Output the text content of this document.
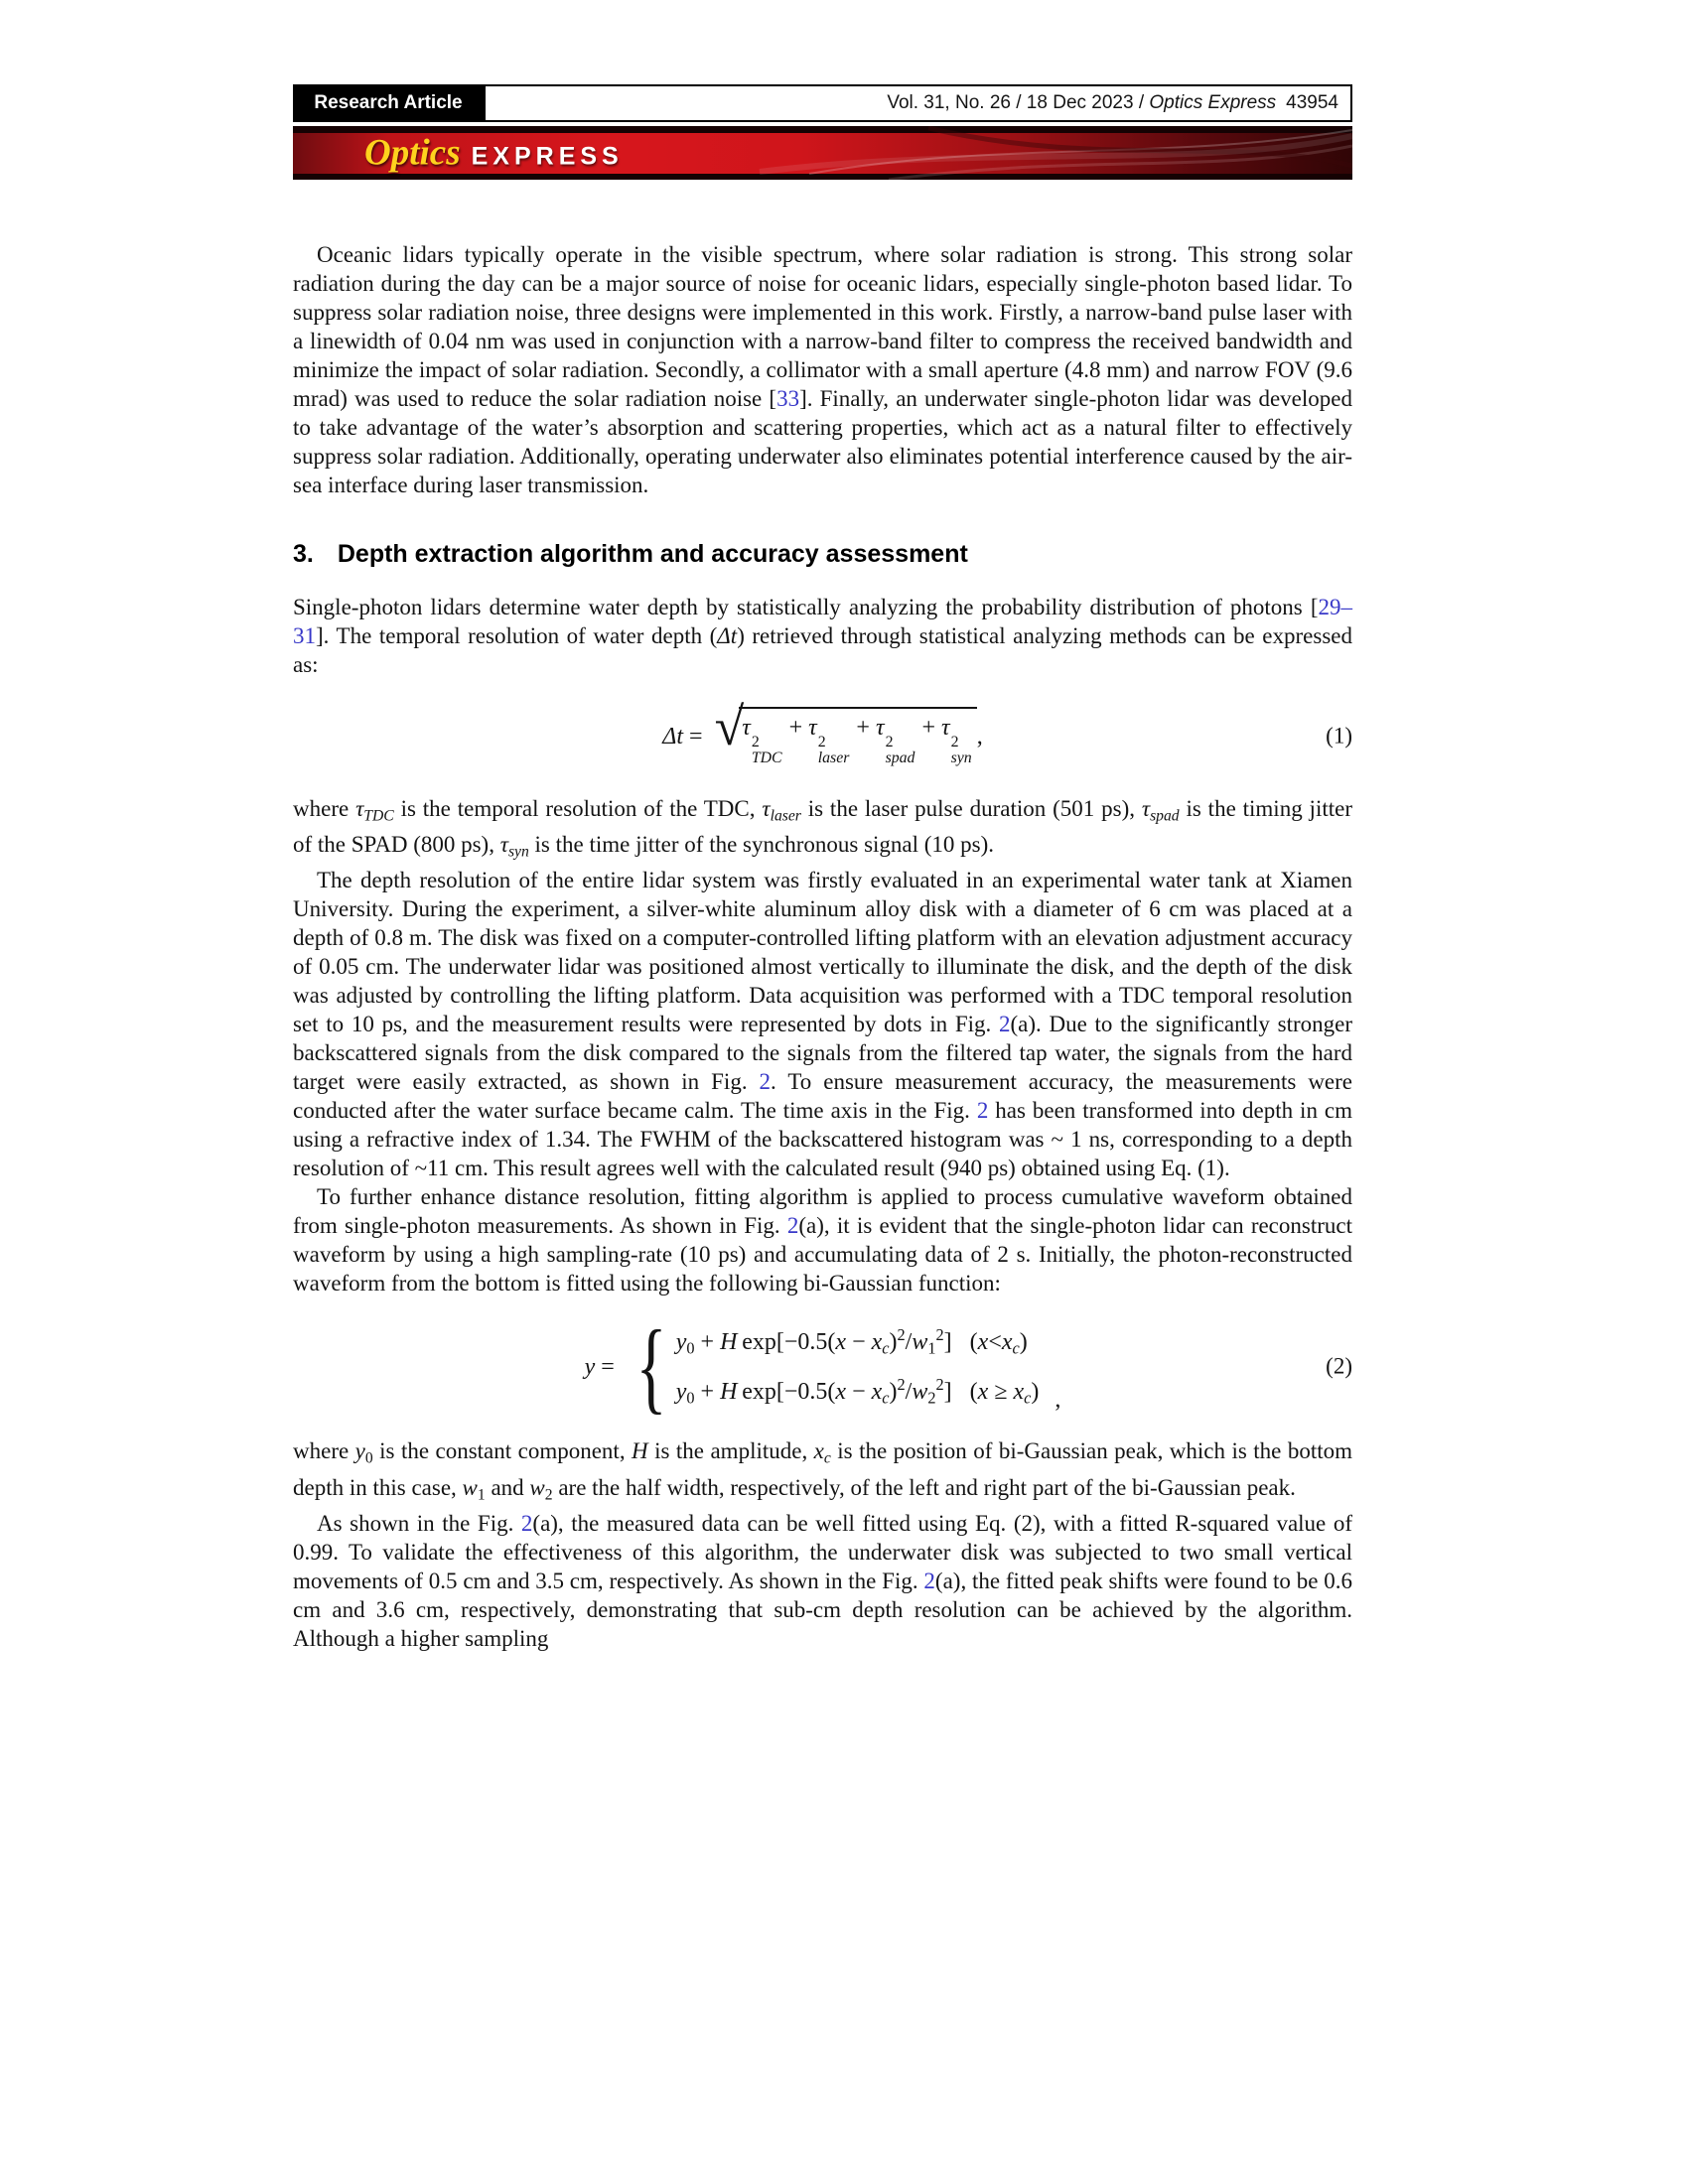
Research Article	Vol. 31, No. 26 / 18 Dec 2023 / Optics Express 43954
Optics EXPRESS

Oceanic lidars typically operate in the visible spectrum, where solar radiation is strong. This strong solar radiation during the day can be a major source of noise for oceanic lidars, especially single-photon based lidar. To suppress solar radiation noise, three designs were implemented in this work. Firstly, a narrow-band pulse laser with a linewidth of 0.04 nm was used in conjunction with a narrow-band filter to compress the received bandwidth and minimize the impact of solar radiation. Secondly, a collimator with a small aperture (4.8 mm) and narrow FOV (9.6 mrad) was used to reduce the solar radiation noise [33]. Finally, an underwater single-photon lidar was developed to take advantage of the water’s absorption and scattering properties, which act as a natural filter to effectively suppress solar radiation. Additionally, operating underwater also eliminates potential interference caused by the air-sea interface during laser transmission.

3. Depth extraction algorithm and accuracy assessment

Single-photon lidars determine water depth by statistically analyzing the probability distribution of photons [29–31]. The temporal resolution of water depth (Δt) retrieved through statistical analyzing methods can be expressed as:

Δt = √
τ
2
TDC
+ τ
2
laser
+ τ
2
spad
+ τ
2
syn
,	(1)

where $\tau_{TDC}$ is the temporal resolution of the TDC, $\tau_{laser}$ is the laser pulse duration (501 ps), $\tau_{spad}$ is the timing jitter of the SPAD (800 ps), $\tau_{syn}$ is the time jitter of the synchronous signal (10 ps).

The depth resolution of the entire lidar system was firstly evaluated in an experimental water tank at Xiamen University. During the experiment, a silver-white aluminum alloy disk with a diameter of 6 cm was placed at a depth of 0.8 m. The disk was fixed on a computer-controlled lifting platform with an elevation adjustment accuracy of 0.05 cm. The underwater lidar was positioned almost vertically to illuminate the disk, and the depth of the disk was adjusted by controlling the lifting platform. Data acquisition was performed with a TDC temporal resolution set to 10 ps, and the measurement results were represented by dots in Fig. 2(a). Due to the significantly stronger backscattered signals from the disk compared to the signals from the filtered tap water, the signals from the hard target were easily extracted, as shown in Fig. 2. To ensure measurement accuracy, the measurements were conducted after the water surface became calm. The time axis in the Fig. 2 has been transformed into depth in cm using a refractive index of 1.34. The FWHM of the backscattered histogram was ~ 1 ns, corresponding to a depth resolution of ~11 cm. This result agrees well with the calculated result (940 ps) obtained using Eq. (1).

To further enhance distance resolution, fitting algorithm is applied to process cumulative waveform obtained from single-photon measurements. As shown in Fig. 2(a), it is evident that the single-photon lidar can reconstruct waveform by using a high sampling-rate (10 ps) and accumulating data of 2 s. Initially, the photon-reconstructed waveform from the bottom is fitted using the following bi-Gaussian function:

y = { $y_0 + H$ $\exp[-0.5(x - x_c)^2/w_1^2]$   $(x<x_c)$
$y_0 + H$ $\exp[-0.5(x - x_c)^2/w_2^2]$   $(x \ge x_c)$ ,
(2)

where $y_0$ is the constant component, H is the amplitude, $x_c$ is the position of bi-Gaussian peak, which is the bottom depth in this case, $w_1$ and $w_2$ are the half width, respectively, of the left and right part of the bi-Gaussian peak.

As shown in the Fig. 2(a), the measured data can be well fitted using Eq. (2), with a fitted R-squared value of 0.99. To validate the effectiveness of this algorithm, the underwater disk was subjected to two small vertical movements of 0.5 cm and 3.5 cm, respectively. As shown in the Fig. 2(a), the fitted peak shifts were found to be 0.6 cm and 3.6 cm, respectively, demonstrating that sub-cm depth resolution can be achieved by the algorithm. Although a higher sampling
